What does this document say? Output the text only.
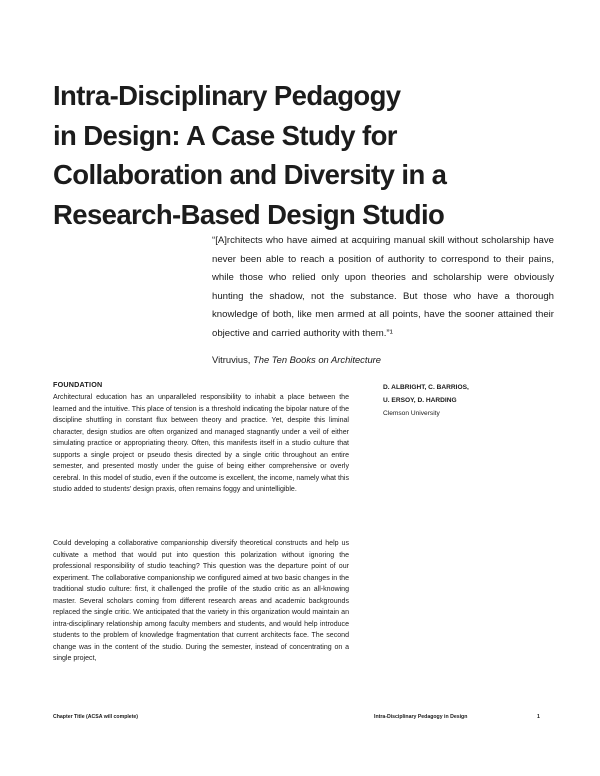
Intra-Disciplinary Pedagogy
in Design: A Case Study for
Collaboration and Diversity in a
Research-Based Design Studio

“[A]rchitects who have aimed at acquiring manual skill without scholarship have never been able to reach a position of authority to correspond to their pains, while those who relied only upon theories and scholarship were obviously hunting the shadow, not the substance. But those who have a thorough knowledge of both, like men armed at all points, have the sooner attained their objective and carried authority with them.”¹

Vitruvius, The Ten Books on Architecture
FOUNDATION

Architectural education has an unparalleled responsibility to inhabit a place between the learned and the intuitive. This place of tension is a threshold indicating the bipolar nature of the discipline shuttling in constant flux between theory and practice. Yet, despite this liminal character, design studios are often organized and managed stagnantly under a veil of either simulating practice or appropriating theory. Often, this manifests itself in a studio culture that supports a single project or pseudo thesis directed by a single critic throughout an entire semester, and presented mostly under the guise of being either comprehensive or overly cerebral. In this model of studio, even if the outcome is excellent, the income, namely what this studio added to students’ design praxis, often remains foggy and unintelligible.

Could developing a collaborative companionship diversify theoretical constructs and help us cultivate a method that would put into question this polarization without ignoring the professional responsibility of studio teaching? This question was the departure point of our experiment. The collaborative companionship we configured aimed at two basic changes in the traditional studio culture: first, it challenged the profile of the studio critic as an all-knowing master. Several scholars coming from different research areas and academic backgrounds replaced the single critic. We anticipated that the variety in this organization would maintain an intra-disciplinary relationship among faculty members and students, and would help introduce students to the problem of knowledge fragmentation that current architects face. The second change was in the content of the studio. During the semester, instead of concentrating on a single project,

D. ALBRIGHT, C. BARRIOS,
U. ERSOY, D. HARDING
Clemson University
Chapter Title (ACSA will complete)	Intra-Disciplinary Pedagogy in Design	1
